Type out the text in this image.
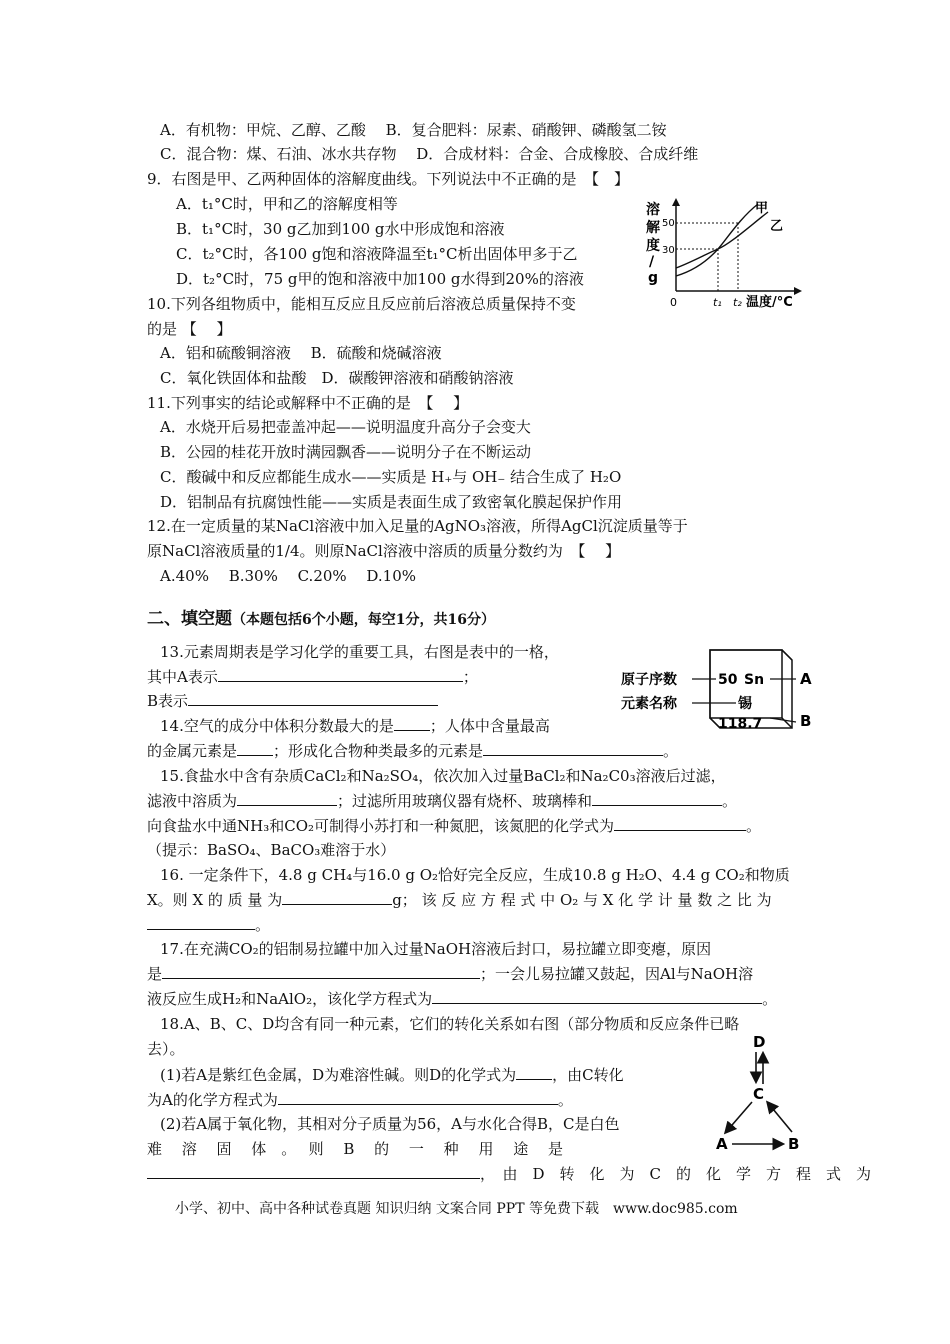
A．有机物：甲烷、乙醇、乙酸　 B．复合肥料：尿素、硝酸钾、磷酸氢二铵
C．混合物：煤、石油、冰水共存物　 D．合成材料：合金、合成橡胶、合成纤维
9．右图是甲、乙两种固体的溶解度曲线。下列说法中不正确的是　【　】
A．t₁°C时，甲和乙的溶解度相等
B．t₁°C时，30 g乙加到100 g水中形成饱和溶液
C．t₂°C时，各100 g饱和溶液降温至t₁°C析出固体甲多于乙
D．t₂°C时，75 g甲的饱和溶液中加100 g水得到20%的溶液
溶
解
度
/
g
50
30
甲
乙
0	t₁ t₂ 温度/°C
10.下列各组物质中，能相互反应且反应前后溶液总质量保持不变
的是 【　 】
A．铝和硫酸铜溶液　 B．硫酸和烧碱溶液
C．氧化铁固体和盐酸　D．碳酸钾溶液和硝酸钠溶液
11.下列事实的结论或解释中不正确的是　【　 】
A．水烧开后易把壶盖冲起——说明温度升高分子会变大
B．公园的桂花开放时满园飘香——说明分子在不断运动
C．酸碱中和反应都能生成水——实质是 H₊与 OH₋ 结合生成了 H₂O
D．铝制品有抗腐蚀性能——实质是表面生成了致密氧化膜起保护作用
12.在一定质量的某NaCl溶液中加入足量的AgNO₃溶液，所得AgCl沉淀质量等于
原NaCl溶液质量的1/4。则原NaCl溶液中溶质的质量分数约为　【　 】
A.40%　 B.30%　 C.20%　 D.10%
二、填空题（本题包括6个小题，每空1分，共16分）
13.元素周期表是学习化学的重要工具，右图是表中的一格，
其中A表示	；
B表示
原子序数
元素名称
50 Sn
锡
118.7
A
B
14.空气的成分中体积分数最大的是 ；人体中含量最高
的金属元素是 ；形成化合物种类最多的元素是	。
15.食盐水中含有杂质CaCl₂和Na₂SO₄，依次加入过量BaCl₂和Na₂C0₃溶液后过滤，
滤液中溶质为	；过滤所用玻璃仪器有烧杯、玻璃棒和	。
向食盐水中通NH₃和CO₂可制得小苏打和一种氮肥，该氮肥的化学式为	。
（提示：BaSO₄、BaCO₃难溶于水）
16. 一定条件下，4.8 g CH₄与16.0 g O₂恰好完全反应，生成10.8 g H₂O、4.4 g CO₂和物质
X。则 X 的 质 量 为	g； 该 反 应 方 程 式 中 O₂ 与 X 化 学 计 量 数 之 比 为
。
17.在充满CO₂的铝制易拉罐中加入过量NaOH溶液后封口，易拉罐立即变瘪，原因
是	；一会儿易拉罐又鼓起，因Al与NaOH溶
液反应生成H₂和NaAlO₂，该化学方程式为	。
18.A、B、C、D均含有同一种元素，它们的转化关系如右图（部分物质和反应条件已略
去）。
(1)若A是紫红色金属，D为难溶性碱。则D的化学式为 ，由C转化
为A的化学方程式为	。
(2)若A属于氧化物，其相对分子质量为56，A与水化合得B，C是白色
难　 溶　 固　 体　。　 则　 B　 的　 一　 种　 用　 途　 是
，　由　D　转　化　为　C　的　化　学　方　程　式　为
D
C
A	B
小学、初中、高中各种试卷真题 知识归纳 文案合同 PPT 等免费下载　www.doc985.com
